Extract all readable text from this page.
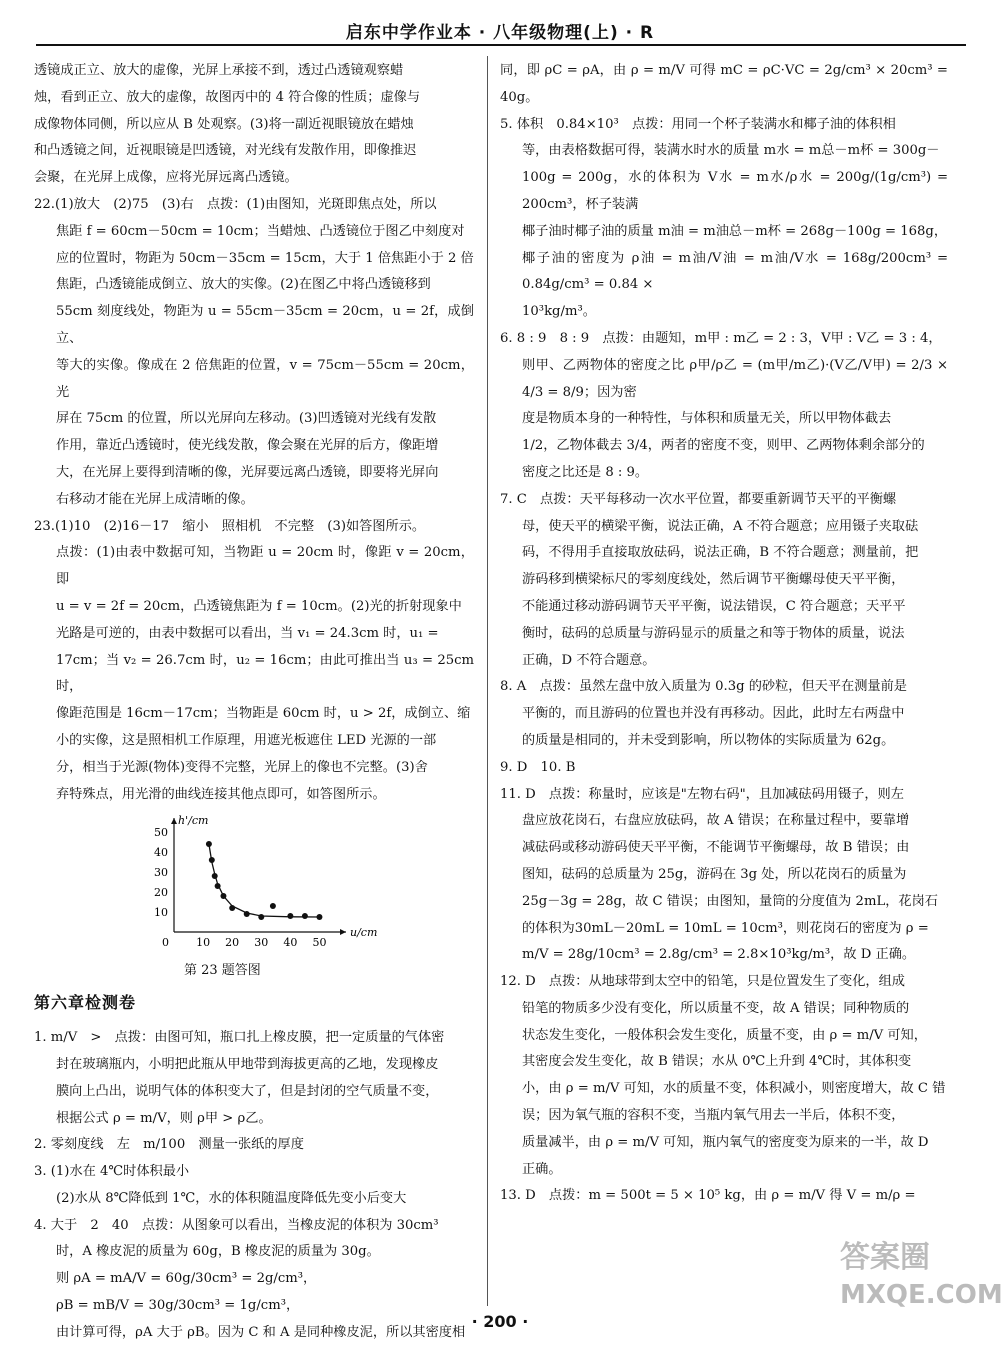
启东中学作业本 · 八年级物理(上) · R
透镜成正立、放大的虚像，光屏上承接不到，透过凸透镜观察蜡
烛，看到正立、放大的虚像，故图丙中的 4 符合像的性质；虚像与
成像物体同侧，所以应从 B 处观察。(3)将一副近视眼镜放在蜡烛
和凸透镜之间，近视眼镜是凹透镜，对光线有发散作用，即像推迟
会聚，在光屏上成像，应将光屏远离凸透镜。
22.(1)放大　(2)75　(3)右　点拨：(1)由图知，光斑即焦点处，所以
焦距 f = 60cm－50cm = 10cm；当蜡烛、凸透镜位于图乙中刻度对
应的位置时，物距为 50cm－35cm = 15cm，大于 1 倍焦距小于 2 倍
焦距，凸透镜能成倒立、放大的实像。(2)在图乙中将凸透镜移到
55cm 刻度线处，物距为 u = 55cm－35cm = 20cm，u = 2f，成倒立、
等大的实像。像成在 2 倍焦距的位置，v = 75cm－55cm = 20cm，光
屏在 75cm 的位置，所以光屏向左移动。(3)凹透镜对光线有发散
作用，靠近凸透镜时，使光线发散，像会聚在光屏的后方，像距增
大，在光屏上要得到清晰的像，光屏要远离凸透镜，即要将光屏向
右移动才能在光屏上成清晰的像。
23.(1)10　(2)16－17　缩小　照相机　不完整　(3)如答图所示。
点拨：(1)由表中数据可知，当物距 u = 20cm 时，像距 v = 20cm，即
u = v = 2f = 20cm，凸透镜焦距为 f = 10cm。(2)光的折射现象中
光路是可逆的，由表中数据可以看出，当 v₁ = 24.3cm 时，u₁ =
17cm；当 v₂ = 26.7cm 时，u₂ = 16cm；由此可推出当 u₃ = 25cm 时，
像距范围是 16cm－17cm；当物距是 60cm 时，u > 2f，成倒立、缩
小的实像，这是照相机工作原理，用遮光板遮住 LED 光源的一部
分，相当于光源(物体)变得不完整，光屏上的像也不完整。(3)舍
弃特殊点，用光滑的曲线连接其他点即可，如答图所示。
u/cm
h'/cm
0 10 20 30 40 50
10
20
30
40
50
第 23 题答图
第六章检测卷
1. m/V　>　点拨：由图可知，瓶口扎上橡皮膜，把一定质量的气体密
封在玻璃瓶内，小明把此瓶从甲地带到海拔更高的乙地，发现橡皮
膜向上凸出，说明气体的体积变大了，但是封闭的空气质量不变，
根据公式 ρ = m/V，则 ρ甲 > ρ乙。
2. 零刻度线　左　m/100　测量一张纸的厚度
3. (1)水在 4℃时体积最小
(2)水从 8℃降低到 1℃，水的体积随温度降低先变小后变大
4. 大于　2　40　点拨：从图象可以看出，当橡皮泥的体积为 30cm³
时，A 橡皮泥的质量为 60g，B 橡皮泥的质量为 30g。
则 ρA = mA/V = 60g/30cm³ = 2g/cm³，
ρB = mB/V = 30g/30cm³ = 1g/cm³，
由计算可得，ρA 大于 ρB。因为 C 和 A 是同种橡皮泥，所以其密度相
同，即 ρC = ρA，由 ρ = m/V 可得 mC = ρC·VC = 2g/cm³ × 20cm³ = 40g。
5. 体积　0.84×10³　点拨：用同一个杯子装满水和椰子油的体积相
等，由表格数据可得，装满水时水的质量 m水 = m总－m杯 = 300g－
100g = 200g，水的体积为 V水 = m水/ρ水 = 200g/(1g/cm³) = 200cm³，杯子装满
椰子油时椰子油的质量 m油 = m油总－m杯 = 268g－100g = 168g，
椰子油的密度为 ρ油 = m油/V油 = m油/V水 = 168g/200cm³ = 0.84g/cm³ = 0.84 ×
10³kg/m³。
6. 8 : 9　8 : 9　点拨：由题知，m甲 : m乙 = 2 : 3，V甲 : V乙 = 3 : 4，
则甲、乙两物体的密度之比 ρ甲/ρ乙 = (m甲/m乙)·(V乙/V甲) = 2/3 × 4/3 = 8/9；因为密
度是物质本身的一种特性，与体积和质量无关，所以甲物体截去
1/2，乙物体截去 3/4，两者的密度不变，则甲、乙两物体剩余部分的
密度之比还是 8 : 9。
7. C　点拨：天平每移动一次水平位置，都要重新调节天平的平衡螺
母，使天平的横梁平衡，说法正确，A 不符合题意；应用镊子夹取砝
码，不得用手直接取放砝码，说法正确，B 不符合题意；测量前，把
游码移到横梁标尺的零刻度线处，然后调节平衡螺母使天平平衡，
不能通过移动游码调节天平平衡，说法错误，C 符合题意；天平平
衡时，砝码的总质量与游码显示的质量之和等于物体的质量，说法
正确，D 不符合题意。
8. A　点拨：虽然左盘中放入质量为 0.3g 的砂粒，但天平在测量前是
平衡的，而且游码的位置也并没有再移动。因此，此时左右两盘中
的质量是相同的，并未受到影响，所以物体的实际质量为 62g。
9. D　10. B
11. D　点拨：称量时，应该是"左物右码"，且加减砝码用镊子，则左
盘应放花岗石，右盘应放砝码，故 A 错误；在称量过程中，要靠增
减砝码或移动游码使天平平衡，不能调节平衡螺母，故 B 错误；由
图知，砝码的总质量为 25g，游码在 3g 处，所以花岗石的质量为
25g－3g = 28g，故 C 错误；由图知，量筒的分度值为 2mL，花岗石
的体积为30mL－20mL = 10mL = 10cm³，则花岗石的密度为 ρ =
m/V = 28g/10cm³ = 2.8g/cm³ = 2.8×10³kg/m³，故 D 正确。
12. D　点拨：从地球带到太空中的铅笔，只是位置发生了变化，组成
铅笔的物质多少没有变化，所以质量不变，故 A 错误；同种物质的
状态发生变化，一般体积会发生变化，质量不变，由 ρ = m/V 可知，
其密度会发生变化，故 B 错误；水从 0℃上升到 4℃时，其体积变
小，由 ρ = m/V 可知，水的质量不变，体积减小，则密度增大，故 C 错
误；因为氧气瓶的容积不变，当瓶内氧气用去一半后，体积不变，
质量减半，由 ρ = m/V 可知，瓶内氧气的密度变为原来的一半，故 D
正确。
13. D　点拨：m = 500t = 5 × 10⁵ kg，由 ρ = m/V 得 V = m/ρ =
· 200 ·
答案圈
MXQE.COM
